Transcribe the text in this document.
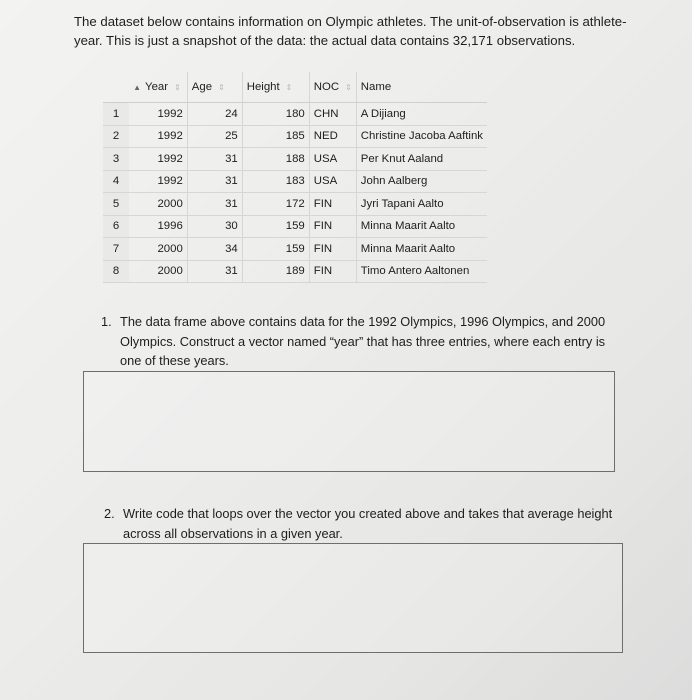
The dataset below contains information on Olympic athletes. The unit-of-observation is athlete-year. This is just a snapshot of the data: the actual data contains 32,171 observations.

	▲ Year ⇕	Age ⇕	Height ⇕	NOC ⇕	Name
1	1992	24	180	CHN	A Dijiang
2	1992	25	185	NED	Christine Jacoba Aaftink
3	1992	31	188	USA	Per Knut Aaland
4	1992	31	183	USA	John Aalberg
5	2000	31	172	FIN	Jyri Tapani Aalto
6	1996	30	159	FIN	Minna Maarit Aalto
7	2000	34	159	FIN	Minna Maarit Aalto
8	2000	31	189	FIN	Timo Antero Aaltonen
1. The data frame above contains data for the 1992 Olympics, 1996 Olympics, and 2000 Olympics. Construct a vector named “year” that has three entries, where each entry is one of these years.
2. Write code that loops over the vector you created above and takes that average height across all observations in a given year.
